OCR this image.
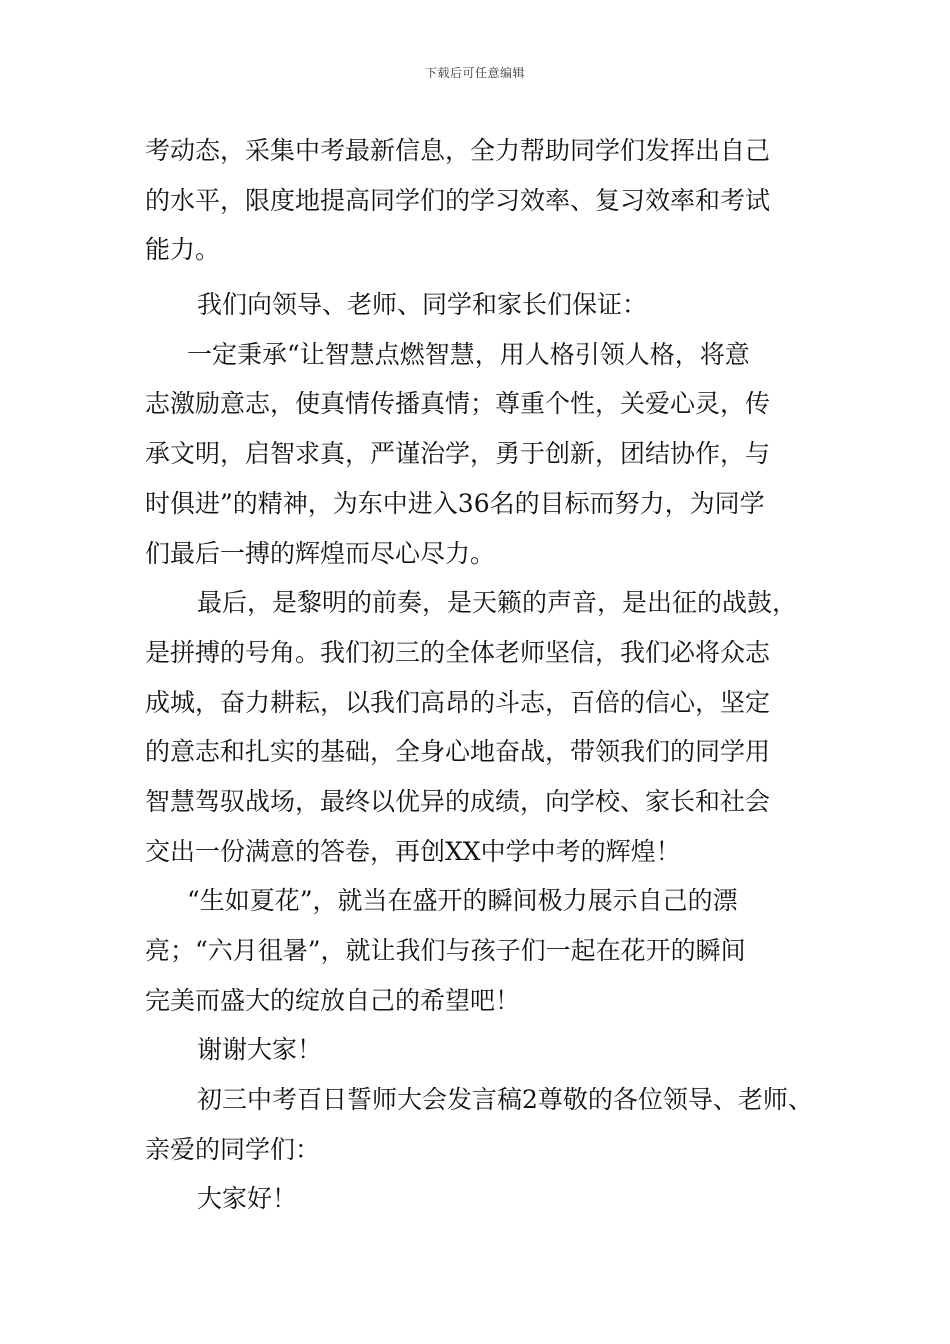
下载后可任意编辑
考动态，采集中考最新信息，全力帮助同学们发挥出自己
的水平，限度地提高同学们的学习效率、复习效率和考试
能力。
我们向领导、老师、同学和家长们保证：
一定秉承“让智慧点燃智慧，用人格引领人格，将意
志激励意志，使真情传播真情；尊重个性，关爱心灵，传
承文明，启智求真，严谨治学，勇于创新，团结协作，与
时俱进”的精神，为东中进入36名的目标而努力，为同学
们最后一搏的辉煌而尽心尽力。
最后，是黎明的前奏，是天籁的声音，是出征的战鼓，
是拼搏的号角。我们初三的全体老师坚信，我们必将众志
成城，奋力耕耘，以我们高昂的斗志，百倍的信心，坚定
的意志和扎实的基础，全身心地奋战，带领我们的同学用
智慧驾驭战场，最终以优异的成绩，向学校、家长和社会
交出一份满意的答卷，再创XX中学中考的辉煌！
“生如夏花”，就当在盛开的瞬间极力展示自己的漂
亮；“六月徂暑”，就让我们与孩子们一起在花开的瞬间
完美而盛大的绽放自己的希望吧！
谢谢大家！
初三中考百日誓师大会发言稿2尊敬的各位领导、老师、
亲爱的同学们：
大家好！
